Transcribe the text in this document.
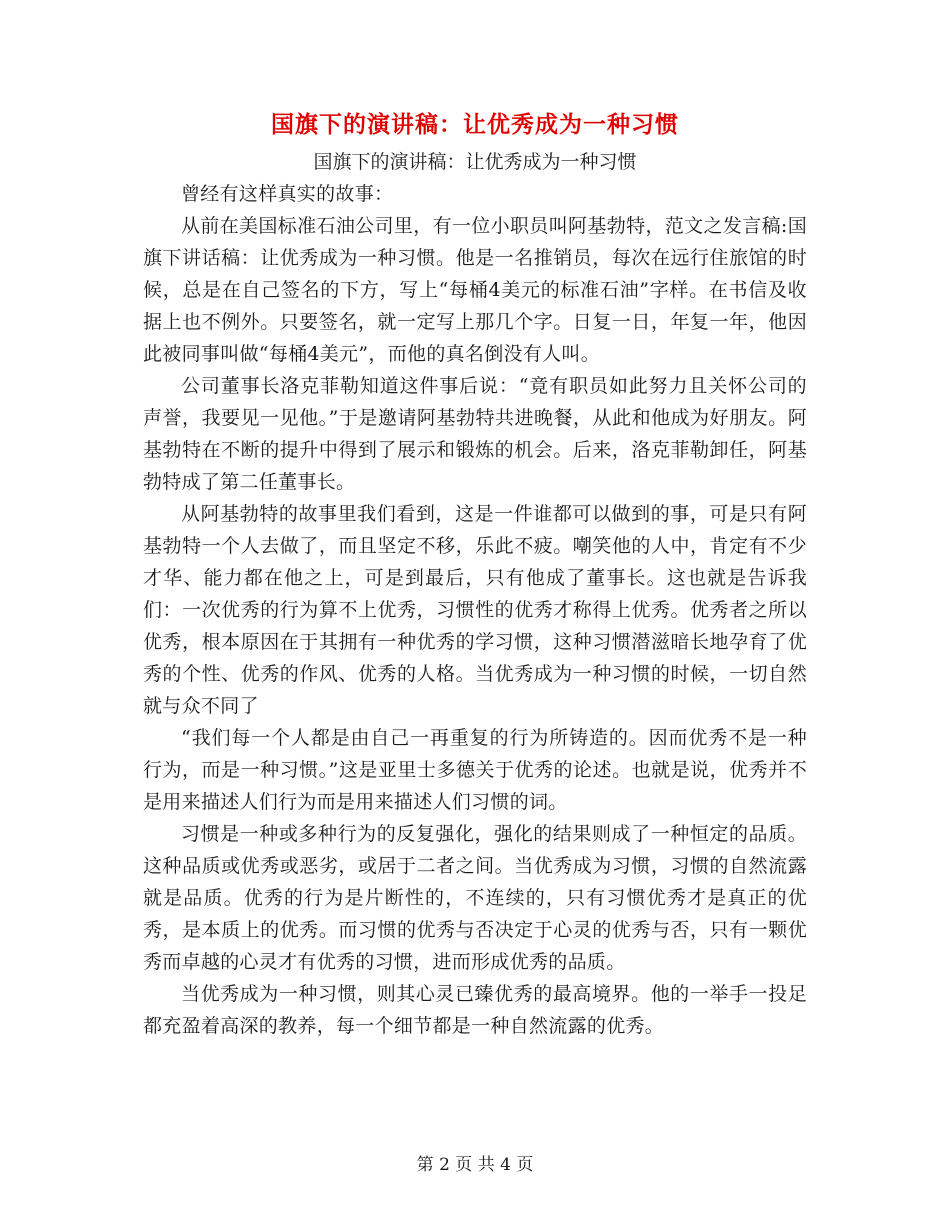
国旗下的演讲稿：让优秀成为一种习惯

国旗下的演讲稿：让优秀成为一种习惯

曾经有这样真实的故事：

从前在美国标准石油公司里，有一位小职员叫阿基勃特，范文之发言稿:国旗下讲话稿：让优秀成为一种习惯。他是一名推销员，每次在远行住旅馆的时候，总是在自己签名的下方，写上“每桶4美元的标准石油”字样。在书信及收据上也不例外。只要签名，就一定写上那几个字。日复一日，年复一年，他因此被同事叫做“每桶4美元”，而他的真名倒没有人叫。

公司董事长洛克菲勒知道这件事后说：“竟有职员如此努力且关怀公司的声誉，我要见一见他。”于是邀请阿基勃特共进晚餐，从此和他成为好朋友。阿基勃特在不断的提升中得到了展示和锻炼的机会。后来，洛克菲勒卸任，阿基勃特成了第二任董事长。

从阿基勃特的故事里我们看到，这是一件谁都可以做到的事，可是只有阿基勃特一个人去做了，而且坚定不移，乐此不疲。嘲笑他的人中，肯定有不少才华、能力都在他之上，可是到最后，只有他成了董事长。这也就是告诉我们：一次优秀的行为算不上优秀，习惯性的优秀才称得上优秀。优秀者之所以优秀，根本原因在于其拥有一种优秀的学习惯，这种习惯潜滋暗长地孕育了优秀的个性、优秀的作风、优秀的人格。当优秀成为一种习惯的时候，一切自然就与众不同了

“我们每一个人都是由自己一再重复的行为所铸造的。因而优秀不是一种行为，而是一种习惯。”这是亚里士多德关于优秀的论述。也就是说，优秀并不是用来描述人们行为而是用来描述人们习惯的词。

习惯是一种或多种行为的反复强化，强化的结果则成了一种恒定的品质。这种品质或优秀或恶劣，或居于二者之间。当优秀成为习惯，习惯的自然流露就是品质。优秀的行为是片断性的，不连续的，只有习惯优秀才是真正的优秀，是本质上的优秀。而习惯的优秀与否决定于心灵的优秀与否，只有一颗优秀而卓越的心灵才有优秀的习惯，进而形成优秀的品质。

当优秀成为一种习惯，则其心灵已臻优秀的最高境界。他的一举手一投足都充盈着高深的教养，每一个细节都是一种自然流露的优秀。

第 2 页 共 4 页
